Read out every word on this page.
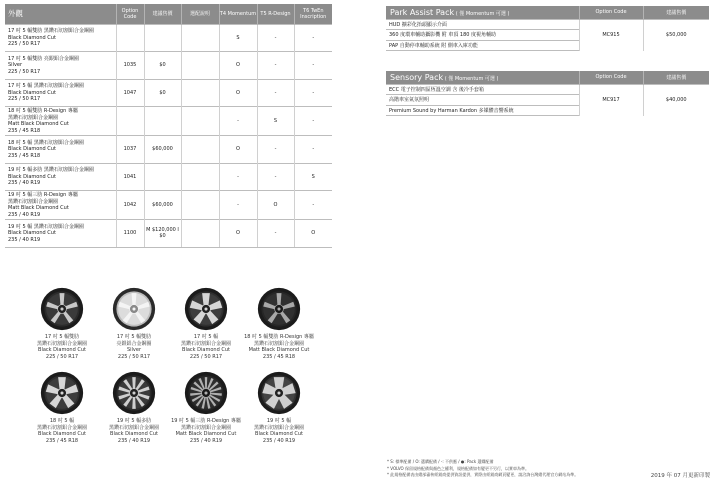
外觀	Option Code	建議售價	選配說明	T4 Momentum	T5 R-Design	T6 TwEn Inscription

17 吋 5 輻雙肋 黑鑽石切割鋁合金鋼圈
Black Diamond Cut
225 / 50 R17				S	-	-

17 吋 5 輻雙肋 亮銀鋁合金鋼圈
Silver
225 / 50 R17	1035	$0		O	-	-

17 吋 5 輻 黑鑽石切割鋁合金鋼圈
Black Diamond Cut
225 / 50 R17	1047	$0		O	-	-

18 吋 5 輻雙肋 R-Design 專屬
黑鑽石切割鋁合金鋼圈
Matt Black Diamond Cut
235 / 45 R18				-	S	-

18 吋 5 輻 黑鑽石切割鋁合金鋼圈
Black Diamond Cut
235 / 45 R18	1037	$60,000		O	-	-

19 吋 5 輻多肋 黑鑽石切割鋁合金鋼圈
Black Diamond Cut
235 / 40 R19	1041			-	-	S

19 吋 5 輻三肋 R-Design 專屬
黑鑽石切割鋁合金鋼圈
Matt Black Diamond Cut
235 / 40 R19	1042	$60,000		-	O	-

19 吋 5 輻 黑鑽石切割鋁合金鋼圈
Black Diamond Cut
235 / 40 R19	1100	M $120,000 I $0		O	-	O
Park Assist Pack ( 僅 Momentum 可選 )	Option Code	建議售價
HUD 擴彩化抬頭顯示介面	MC915	$50,000
360 度環車輔助攝影機 附 車頂 180 度視角輔助		
PAP 自動停車輔助系統 附 側車入庫功能		
Sensory Pack ( 僅 Momentum 可選 )	Option Code	建議售價
ECC 電子控制四區恆溫空調 含 後冷手套箱	MC917	$40,000
高階車室氣氛照明		
Premium Sound by Harman Kardon 多媒體音響系統		
17 吋 5 輻雙肋
黑鑽石切割鋁合金鋼圈
Black Diamond Cut
225 / 50 R17
17 吋 5 輻雙肋
亮銀鋁合金鋼圈
Silver
225 / 50 R17
17 吋 5 輻
黑鑽石切割鋁合金鋼圈
Black Diamond Cut
225 / 50 R17
18 吋 5 輻雙肋 R-Design 專屬
黑鑽石切割鋁合金鋼圈
Matt Black Diamond Cut
235 / 45 R18
18 吋 5 輻
黑鑽石切割鋁合金鋼圈
Black Diamond Cut
235 / 45 R18
19 吋 5 輻多肋
黑鑽石切割鋁合金鋼圈
Black Diamond Cut
235 / 40 R19
19 吋 5 輻三肋 R-Design 專屬
黑鑽石切割鋁合金鋼圈
Matt Black Diamond Cut
235 / 40 R19
19 吋 5 輻
黑鑽石切割鋁合金鋼圈
Black Diamond Cut
235 / 40 R19
* S: 標準配備 / O: 選購配備 / -: 不供應 / ●: Pack 選購配備
* VOLVO 保留規格配備與顏色之權利，規格配備如有變更不另行，以實車為準。
* 此規格配備表由總部審核經銷商提供資訊提供，實際由經銷商網頁變更，請洽詢台灣總代理官方網站為準。	2019 年 07 月更新印製
